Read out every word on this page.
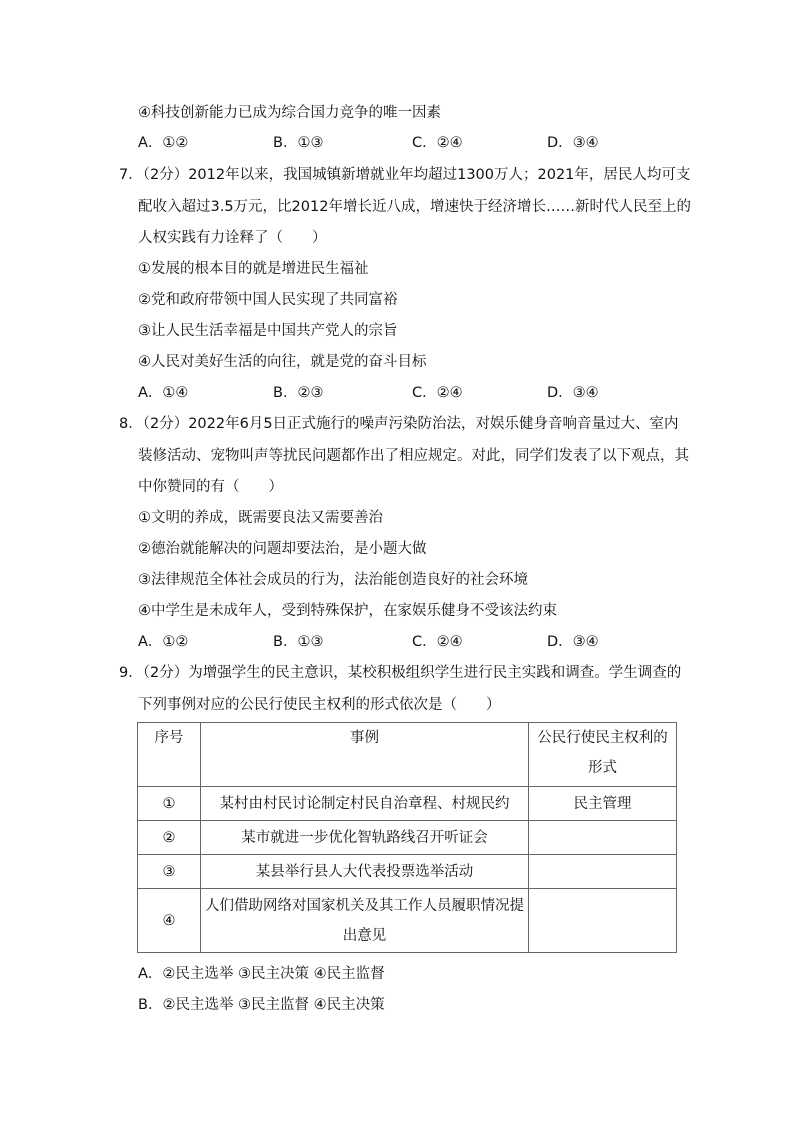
④科技创新能力已成为综合国力竞争的唯一因素
A．①②	B．①③	C．②④	D．③④
7．（2分）2012年以来，我国城镇新增就业年均超过1300万人；2021年，居民人均可支
配收入超过3.5万元，比2012年增长近八成，增速快于经济增长……新时代人民至上的
人权实践有力诠释了（　　）
①发展的根本目的就是增进民生福祉
②党和政府带领中国人民实现了共同富裕
③让人民生活幸福是中国共产党人的宗旨
④人民对美好生活的向往，就是党的奋斗目标
A．①④	B．②③	C．②④	D．③④
8．（2分）2022年6月5日正式施行的噪声污染防治法，对娱乐健身音响音量过大、室内
装修活动、宠物叫声等扰民问题都作出了相应规定。对此，同学们发表了以下观点，其
中你赞同的有（　　）
①文明的养成，既需要良法又需要善治
②德治就能解决的问题却要法治，是小题大做
③法律规范全体社会成员的行为，法治能创造良好的社会环境
④中学生是未成年人，受到特殊保护，在家娱乐健身不受该法约束
A．①②	B．①③	C．②④	D．③④
9．（2分）为增强学生的民主意识，某校积极组织学生进行民主实践和调查。学生调查的
下列事例对应的公民行使民主权利的形式依次是（　　）
序号	事例	公民行使民主权利的形式
①	某村由村民讨论制定村民自治章程、村规民约	民主管理
②	某市就进一步优化智轨路线召开听证会	
③	某县举行县人大代表投票选举活动	
④	人们借助网络对国家机关及其工作人员履职情况提出意见	
A．②民主选举 ③民主决策 ④民主监督
B．②民主选举 ③民主监督 ④民主决策
